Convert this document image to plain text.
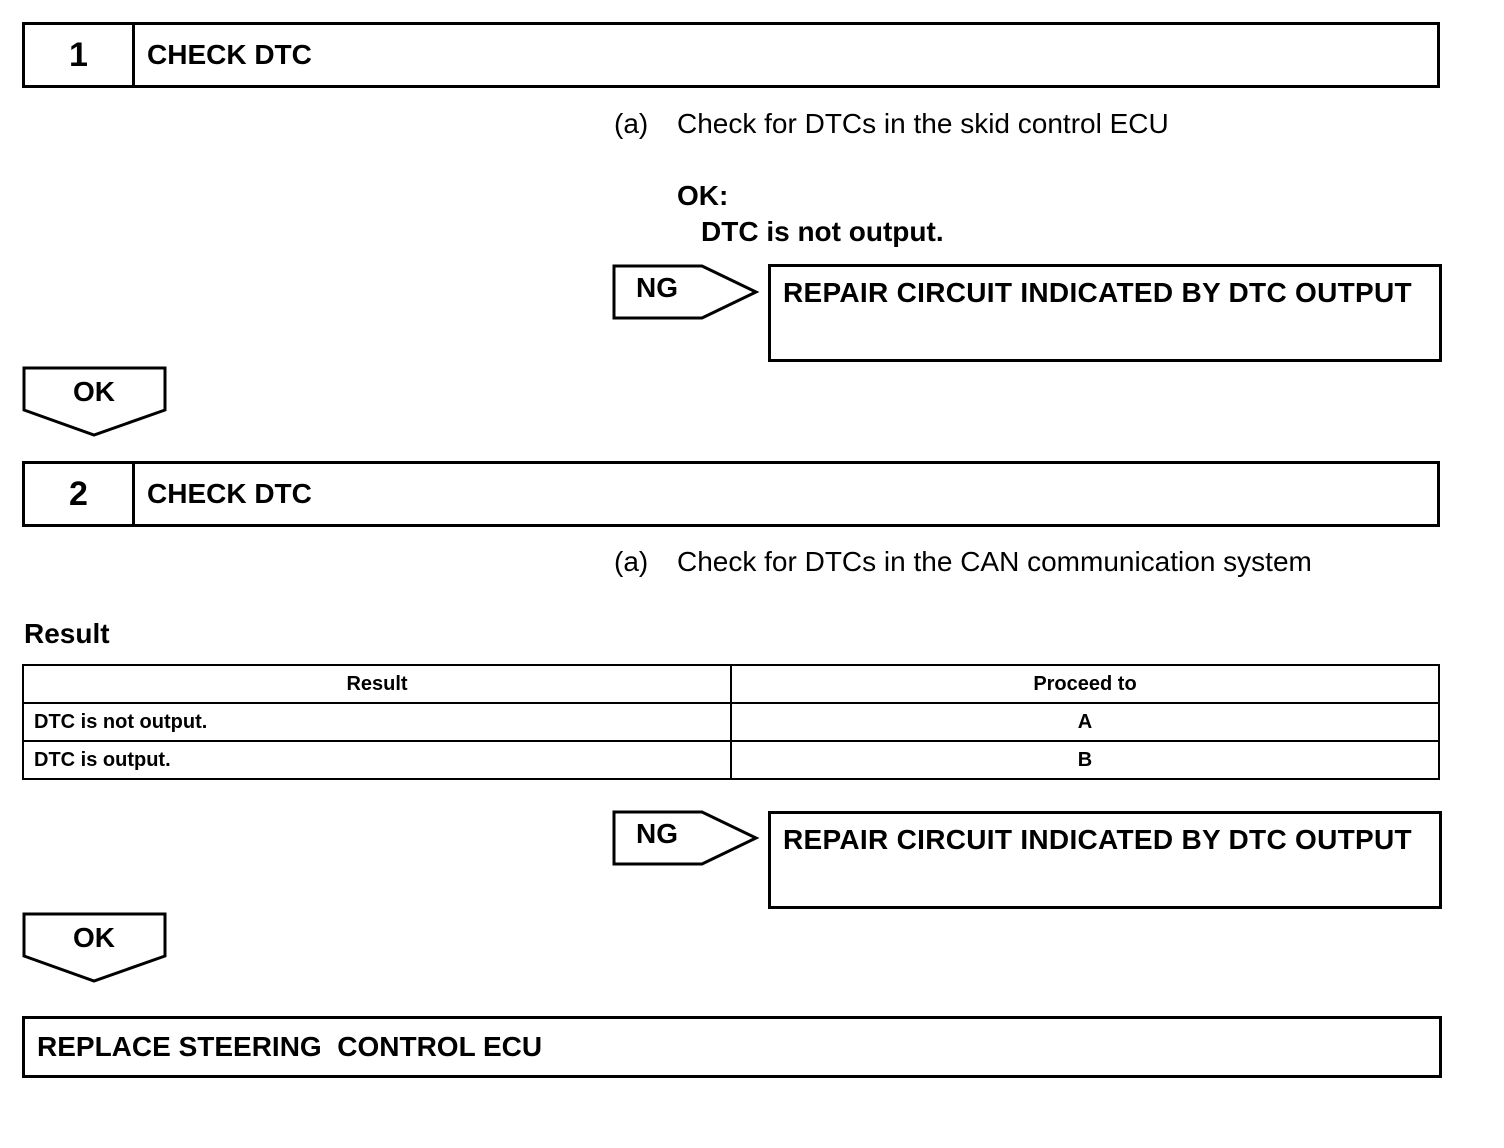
1	CHECK DTC
(a) Check for DTCs in the skid control ECU
OK:
DTC is not output.
NG	REPAIR CIRCUIT INDICATED BY DTC OUTPUT
OK
2	CHECK DTC
(a) Check for DTCs in the CAN communication system
Result
Result	Proceed to
DTC is not output.	A
DTC is output.	B
NG	REPAIR CIRCUIT INDICATED BY DTC OUTPUT
OK
REPLACE STEERING  CONTROL ECU
